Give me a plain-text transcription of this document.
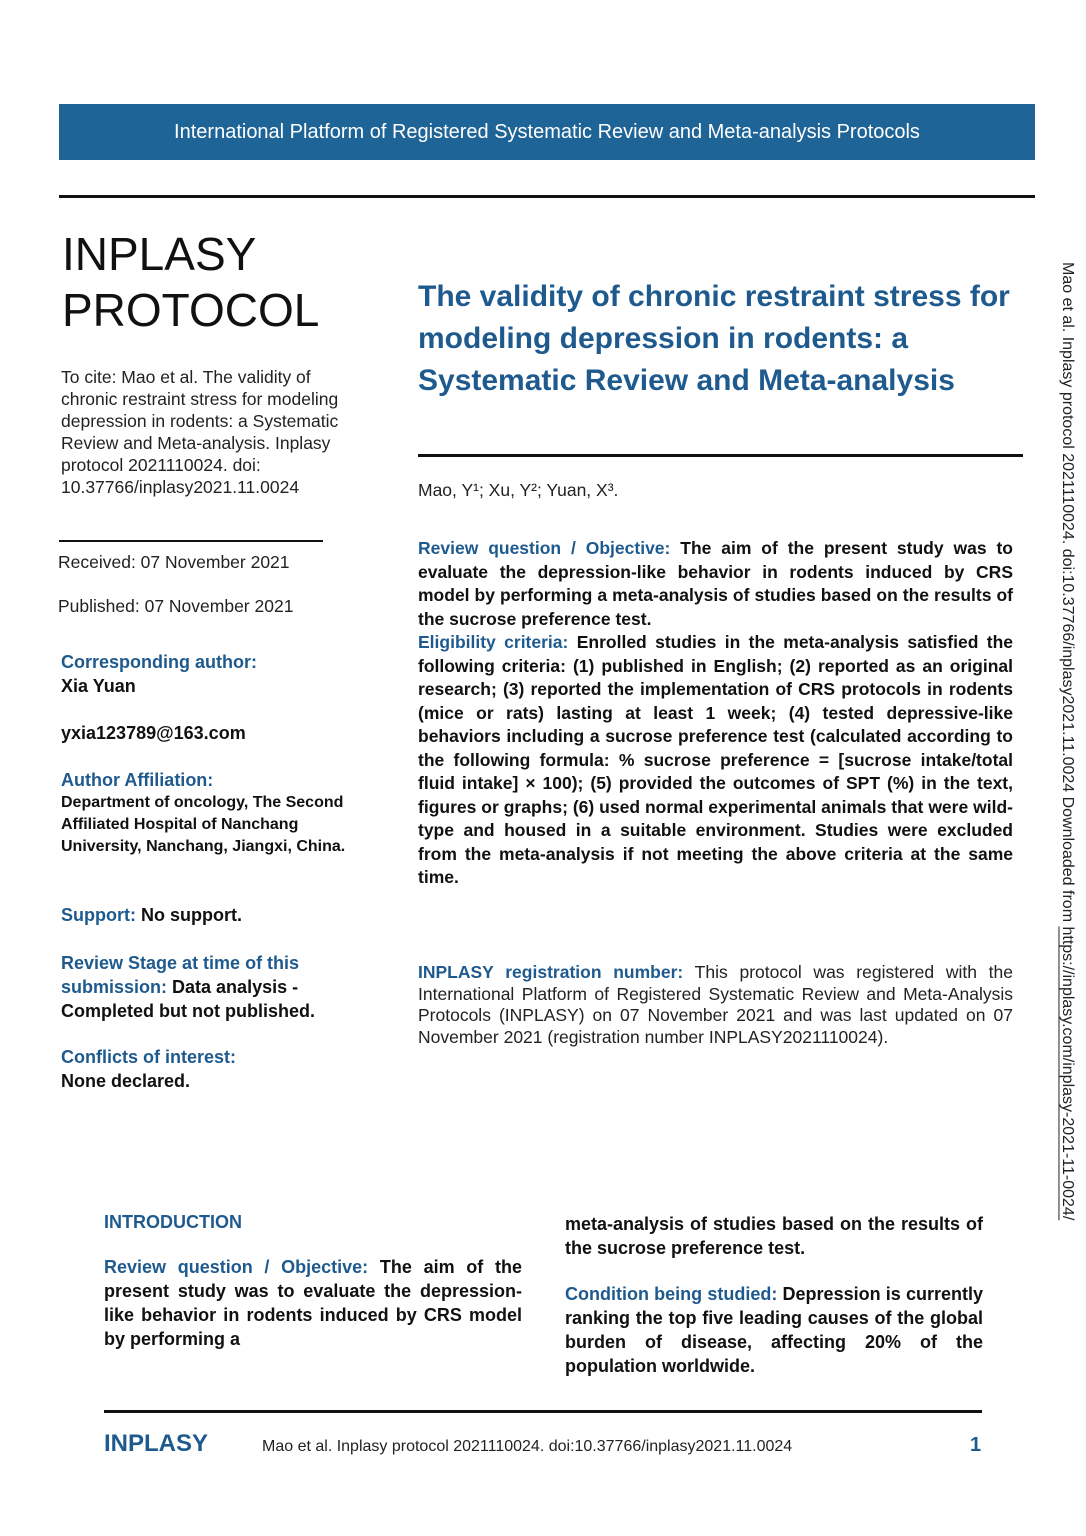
International Platform of Registered Systematic Review and Meta-analysis Protocols
INPLASY
PROTOCOL
To cite: Mao et al. The validity of chronic restraint stress for modeling depression in rodents: a Systematic Review and Meta-analysis. Inplasy protocol 2021110024. doi: 10.37766/inplasy2021.11.0024
Received: 07 November 2021
Published: 07 November 2021
Corresponding author:
Xia Yuan
yxia123789@163.com
Author Affiliation:
Department of oncology, The Second Affiliated Hospital of Nanchang University, Nanchang, Jiangxi, China.
Support: No support.
Review Stage at time of this submission: Data analysis - Completed but not published.
Conflicts of interest:
None declared.
The validity of chronic restraint stress for modeling depression in rodents: a Systematic Review and Meta-analysis
Mao, Y¹; Xu, Y²; Yuan, X³.
Review question / Objective: The aim of the present study was to evaluate the depression-like behavior in rodents induced by CRS model by performing a meta-analysis of studies based on the results of the sucrose preference test.
Eligibility criteria: Enrolled studies in the meta-analysis satisfied the following criteria: (1) published in English; (2) reported as an original research; (3) reported the implementation of CRS protocols in rodents (mice or rats) lasting at least 1 week; (4) tested depressive-like behaviors including a sucrose preference test (calculated according to the following formula: % sucrose preference = [sucrose intake/total fluid intake] × 100); (5) provided the outcomes of SPT (%) in the text, figures or graphs; (6) used normal experimental animals that were wild-type and housed in a suitable environment. Studies were excluded from the meta-analysis if not meeting the above criteria at the same time.
INPLASY registration number: This protocol was registered with the International Platform of Registered Systematic Review and Meta-Analysis Protocols (INPLASY) on 07 November 2021 and was last updated on 07 November 2021 (registration number INPLASY2021110024).
INTRODUCTION
Review question / Objective: The aim of the present study was to evaluate the depression-like behavior in rodents induced by CRS model by performing a
meta-analysis of studies based on the results of the sucrose preference test.
Condition being studied: Depression is currently ranking the top five leading causes of the global burden of disease, affecting 20% of the population worldwide.
Mao et al. Inplasy protocol 2021110024. doi:10.37766/inplasy2021.11.0024 Downloaded from https://inplasy.com/inplasy-2021-11-0024/
INPLASY	Mao et al. Inplasy protocol 2021110024. doi:10.37766/inplasy2021.11.0024	1
